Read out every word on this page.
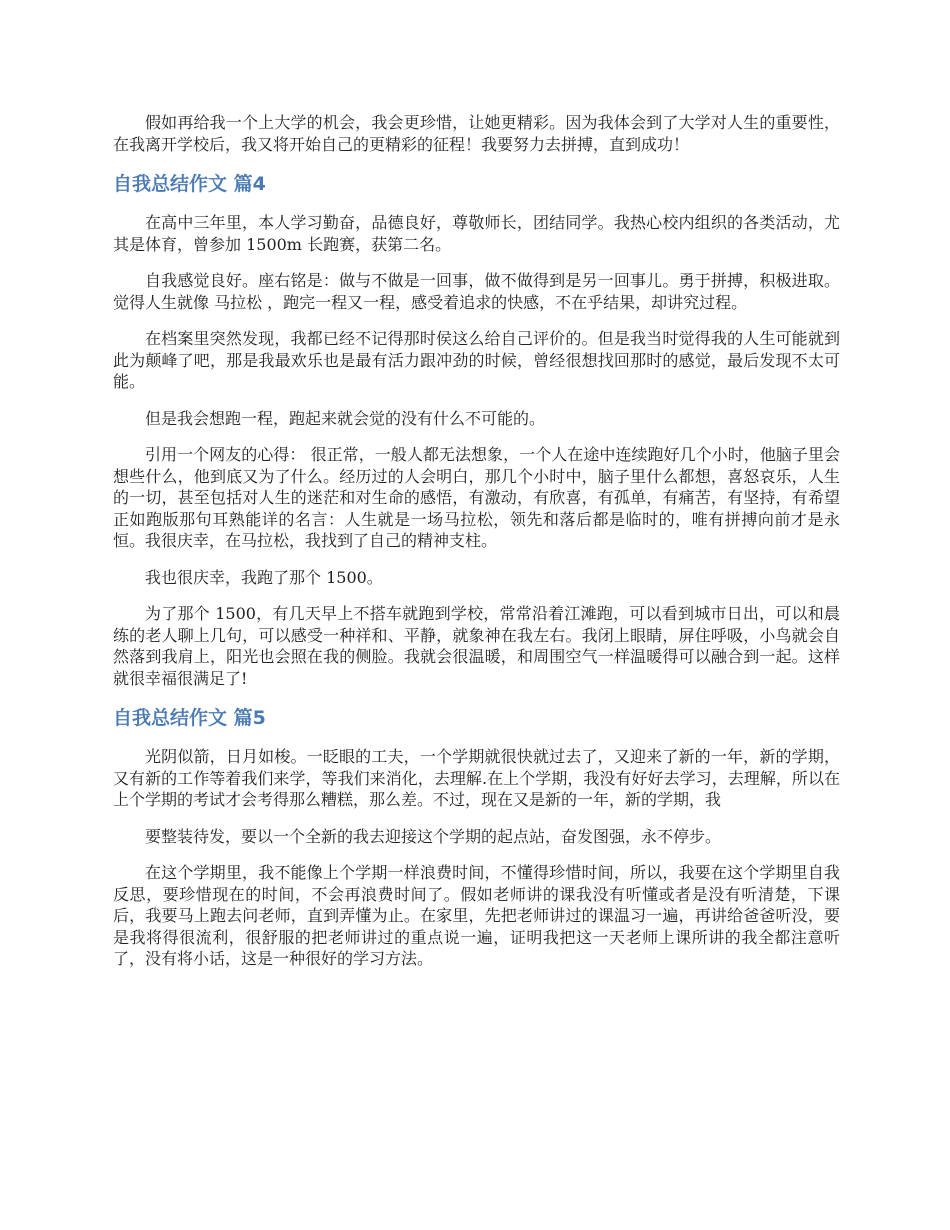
假如再给我一个上大学的机会，我会更珍惜，让她更精彩。因为我体会到了大学对人生的重要性，在我离开学校后，我又将开始自己的更精彩的征程！我要努力去拼搏，直到成功！

自我总结作文 篇4

在高中三年里，本人学习勤奋，品德良好，尊敬师长，团结同学。我热心校内组织的各类活动，尤其是体育，曾参加 1500m 长跑赛，获第二名。

自我感觉良好。座右铭是：做与不做是一回事，做不做得到是另一回事儿。勇于拼搏，积极进取。觉得人生就像 马拉松 ，跑完一程又一程，感受着追求的快感，不在乎结果，却讲究过程。

在档案里突然发现，我都已经不记得那时侯这么给自己评价的。但是我当时觉得我的人生可能就到此为颠峰了吧，那是我最欢乐也是最有活力跟冲劲的时候，曾经很想找回那时的感觉，最后发现不太可能。

但是我会想跑一程，跑起来就会觉的没有什么不可能的。

引用一个网友的心得： 很正常，一般人都无法想象，一个人在途中连续跑好几个小时，他脑子里会想些什么，他到底又为了什么。经历过的人会明白，那几个小时中，脑子里什么都想，喜怒哀乐，人生的一切，甚至包括对人生的迷茫和对生命的感悟，有激动，有欣喜，有孤单，有痛苦，有坚持，有希望 正如跑版那句耳熟能详的名言：人生就是一场马拉松，领先和落后都是临时的，唯有拼搏向前才是永恒。我很庆幸，在马拉松，我找到了自己的精神支柱。

我也很庆幸，我跑了那个 1500。

为了那个 1500，有几天早上不搭车就跑到学校，常常沿着江滩跑，可以看到城市日出，可以和晨练的老人聊上几句，可以感受一种祥和、平静，就象神在我左右。我闭上眼睛，屏住呼吸，小鸟就会自然落到我肩上，阳光也会照在我的侧脸。我就会很温暖，和周围空气一样温暖得可以融合到一起。这样就很幸福很满足了!

自我总结作文 篇5

光阴似箭，日月如梭。一眨眼的工夫，一个学期就很快就过去了，又迎来了新的一年，新的学期，又有新的工作等着我们来学，等我们来消化，去理解.在上个学期，我没有好好去学习，去理解，所以在上个学期的考试才会考得那么糟糕，那么差。不过，现在又是新的一年，新的学期，我

要整装待发，要以一个全新的我去迎接这个学期的起点站，奋发图强，永不停步。

在这个学期里，我不能像上个学期一样浪费时间，不懂得珍惜时间，所以，我要在这个学期里自我反思，要珍惜现在的时间，不会再浪费时间了。假如老师讲的课我没有听懂或者是没有听清楚，下课后，我要马上跑去问老师，直到弄懂为止。在家里，先把老师讲过的课温习一遍，再讲给爸爸听没，要是我将得很流利，很舒服的把老师讲过的重点说一遍，证明我把这一天老师上课所讲的我全都注意听了，没有将小话，这是一种很好的学习方法。
